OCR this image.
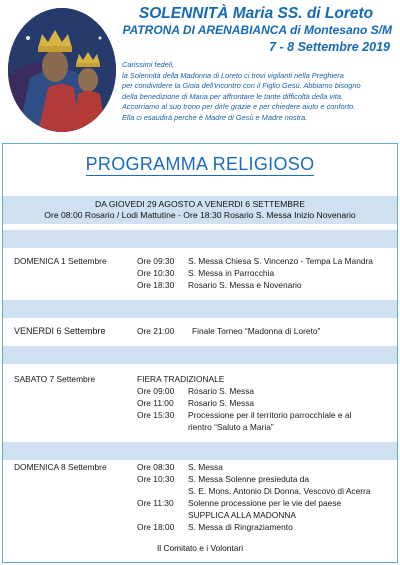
SOLENNITÀ Maria SS. di Loreto
PATRONA DI ARENABIANCA di Montesano S/M
7 - 8 Settembre 2019
Carissimi fedeli,
la Solennità della Madonna di Loreto ci trovi vigilanti nella Preghiera
per condividere la Gioia dell'incontro con il Figlio Gesù. Abbiamo bisogno
della benedizione di Maria per affrontare le tante difficoltà della vita.
Accorriamo al suo trono per dirle grazie e per chiedere aiuto e conforto.
Ella ci esaudirà perchè è Madre di Gesù e Madre nostra.
PROGRAMMA RELIGIOSO
DA GIOVEDI 29 AGOSTO A VENERDI 6 SETTEMBRE
Ore 08:00 Rosario / Lodi Mattutine - Ore 18:30 Rosario S. Messa Inizio Novenario
DOMENICA 1 Settembre	Ore 09:30 S. Messa Chiesa S. Vincenzo - Tempa La Mandra
Ore 10:30 S. Messa in Parrocchia
Ore 18:30 Rosario S. Messa e Novenario
VENERDI 6 Settembre	Ore 21:00 Finale Torneo “Madonna di Loreto”
SABATO 7 Settembre	FIERA TRADIZIONALE
Ore 09:00 Rosario S. Messa
Ore 11:00 Rosario S. Messa
Ore 15:30 Processione per il territorio parrocchiale e al
rientro “Saluto a Maria”
DOMENICA 8 Settembre	Ore 08:30 S. Messa
Ore 10:30 S. Messa Solenne presieduta da
S. E. Mons. Antonio Di Donna, Vescovo di Acerra
Ore 11:30 Solenne processione per le vie del paese
SUPPLICA ALLA MADONNA
Ore 18:00 S. Messa di Ringraziamento
Il Comitato e i Volontari
